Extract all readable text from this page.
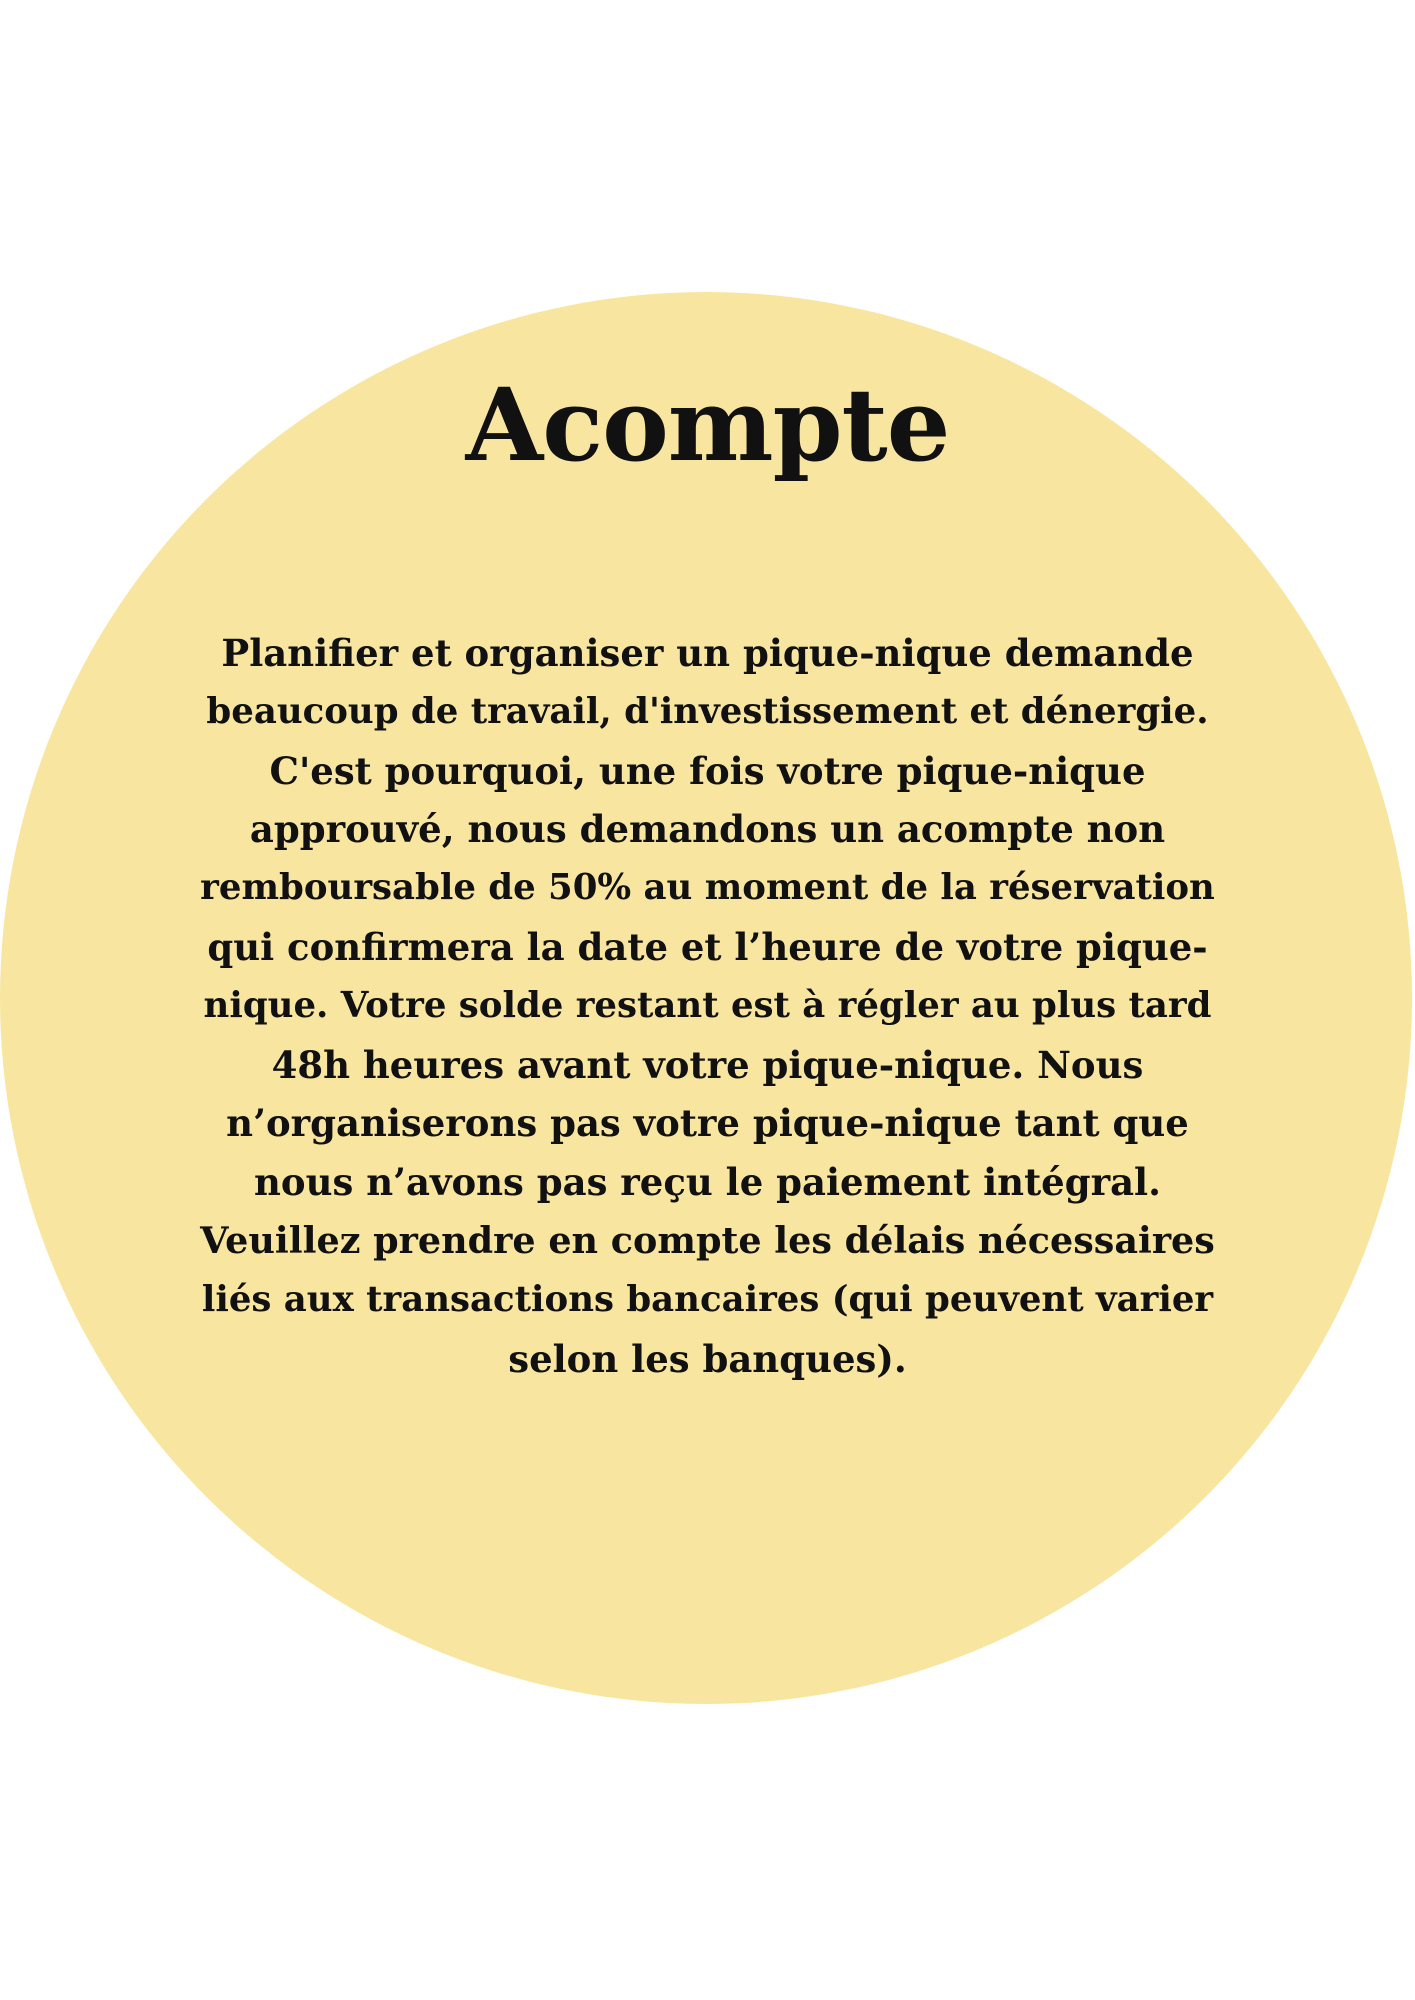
Acompte
Planifier et organiser un pique-nique demande
beaucoup de travail, d'investissement et dénergie.
C'est pourquoi, une fois votre pique-nique
approuvé, nous demandons un acompte non
remboursable de 50% au moment de la réservation
qui confirmera la date et l’heure de votre pique-
nique. Votre solde restant est à régler au plus tard
48h heures avant votre pique-nique. Nous
n’organiserons pas votre pique-nique tant que
nous n’avons pas reçu le paiement intégral.
Veuillez prendre en compte les délais nécessaires
liés aux transactions bancaires (qui peuvent varier
selon les banques).
